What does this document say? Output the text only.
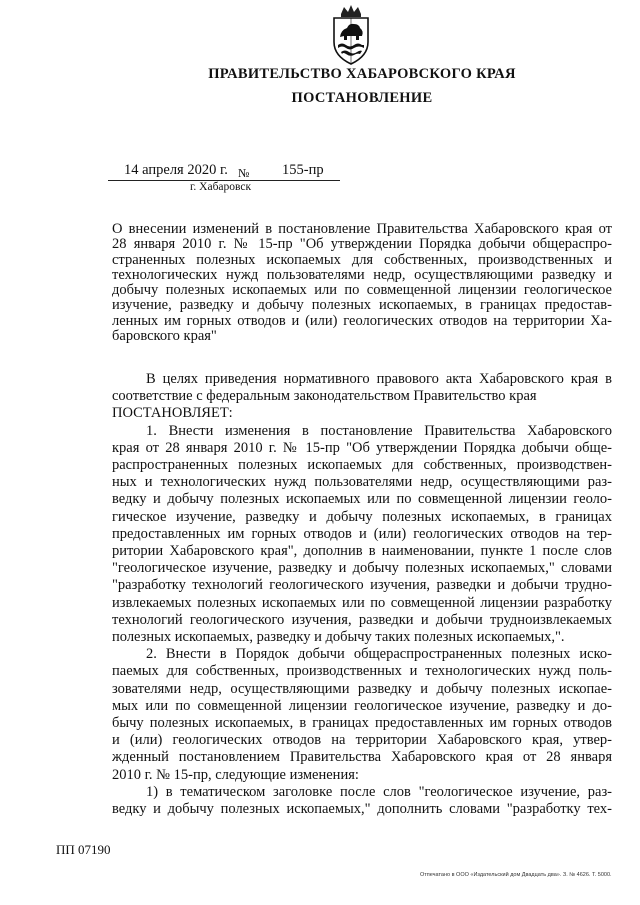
ПРАВИТЕЛЬСТВО ХАБАРОВСКОГО КРАЯ
ПОСТАНОВЛЕНИЕ
14 апреля 2020 г. № 155-пр
г. Хабаровск
О внесении изменений в постановление Правительства Хабаровского края от
28 января 2010 г. № 15-пр "Об утверждении Порядка добычи общераспро-
страненных полезных ископаемых для собственных, производственных и
технологических нужд пользователями недр, осуществляющими разведку и
добычу полезных ископаемых или по совмещенной лицензии геологическое
изучение, разведку и добычу полезных ископаемых, в границах предостав-
ленных им горных отводов и (или) геологических отводов на территории Ха-
баровского края"
В целях приведения нормативного правового акта Хабаровского края в
соответствие с федеральным законодательством Правительство края
ПОСТАНОВЛЯЕТ:
1. Внести изменения в постановление Правительства Хабаровского
края от 28 января 2010 г. № 15-пр "Об утверждении Порядка добычи обще-
распространенных полезных ископаемых для собственных, производствен-
ных и технологических нужд пользователями недр, осуществляющими раз-
ведку и добычу полезных ископаемых или по совмещенной лицензии геоло-
гическое изучение, разведку и добычу полезных ископаемых, в границах
предоставленных им горных отводов и (или) геологических отводов на тер-
ритории Хабаровского края", дополнив в наименовании, пункте 1 после слов
"геологическое изучение, разведку и добычу полезных ископаемых," словами
"разработку технологий геологического изучения, разведки и добычи трудно-
извлекаемых полезных ископаемых или по совмещенной лицензии разработку
технологий геологического изучения, разведки и добычи трудноизвлекаемых
полезных ископаемых, разведку и добычу таких полезных ископаемых,".
2. Внести в Порядок добычи общераспространенных полезных иско-
паемых для собственных, производственных и технологических нужд поль-
зователями недр, осуществляющими разведку и добычу полезных ископае-
мых или по совмещенной лицензии геологическое изучение, разведку и до-
бычу полезных ископаемых, в границах предоставленных им горных отводов
и (или) геологических отводов на территории Хабаровского края, утвер-
жденный постановлением Правительства Хабаровского края от 28 января
2010 г. № 15-пр, следующие изменения:
1) в тематическом заголовке после слов "геологическое изучение, раз-
ведку и добычу полезных ископаемых," дополнить словами "разработку тех-
ПП 07190
Отпечатано в ООО «Издательский дом Двадцать два». З. № 4626. Т. 5000.
